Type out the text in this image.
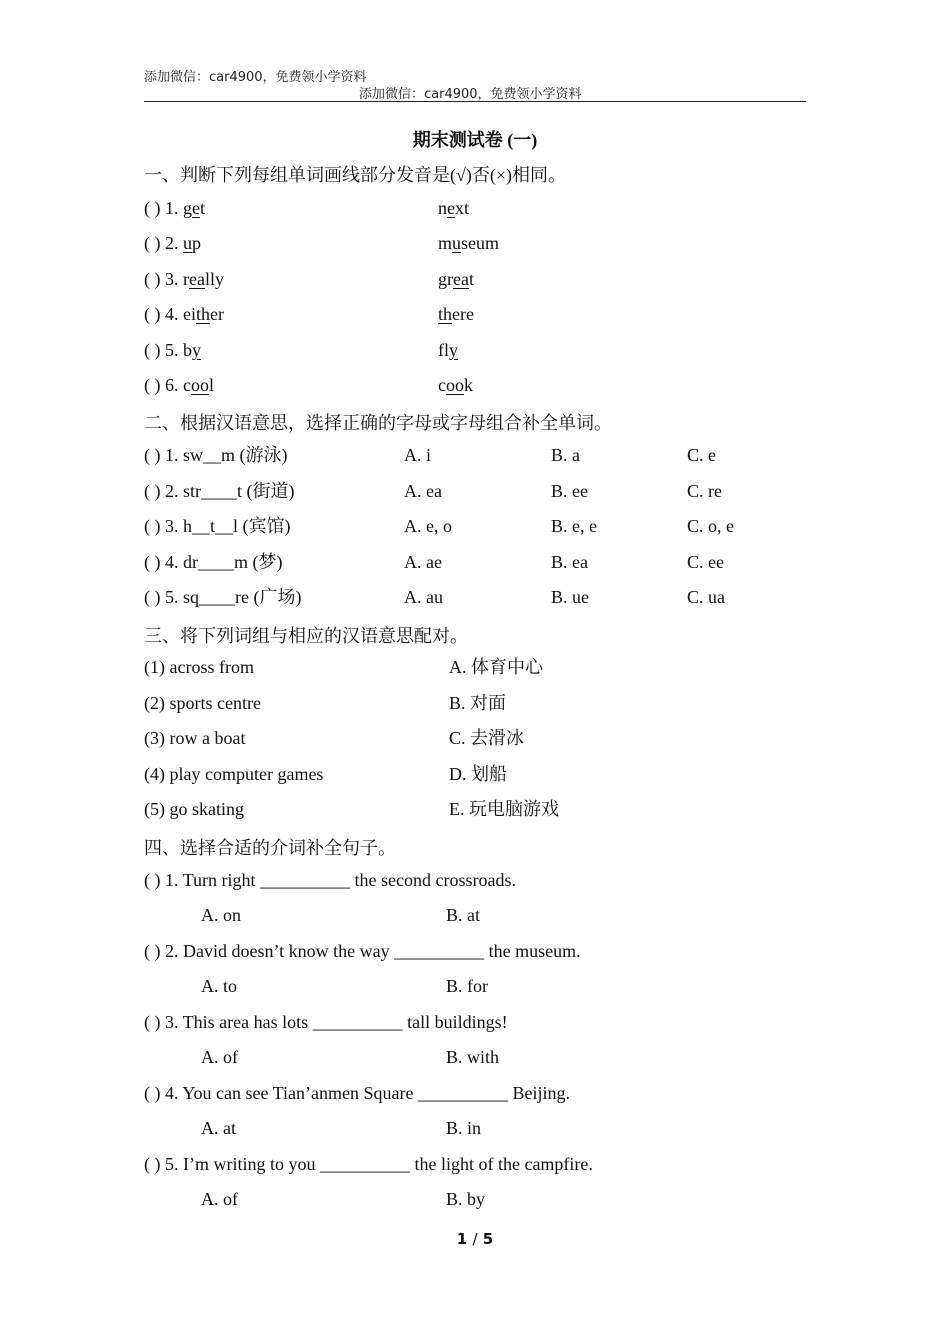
添加微信：car4900，免费领小学资料
添加微信：car4900，免费领小学资料
期末测试卷 (一)
一、判断下列每组单词画线部分发音是(√)否(×)相同。
( ) 1. get	next
( ) 2. up	museum
( ) 3. really	great
( ) 4. either	there
( ) 5. by	fly
( ) 6. cool	cook
二、根据汉语意思，选择正确的字母或字母组合补全单词。
( ) 1. sw__m (游泳)	A. i	B. a	C. e
( ) 2. str____t (街道)	A. ea	B. ee	C. re
( ) 3. h__t__l (宾馆)	A. e, o	B. e, e	C. o, e
( ) 4. dr____m (梦)	A. ae	B. ea	C. ee
( ) 5. sq____re (广场)	A. au	B. ue	C. ua
三、将下列词组与相应的汉语意思配对。
(1) across from	A. 体育中心
(2) sports centre	B. 对面
(3) row a boat	C. 去滑冰
(4) play computer games	D. 划船
(5) go skating	E. 玩电脑游戏
四、选择合适的介词补全句子。
( ) 1. Turn right __________ the second crossroads.
A. on	B. at
( ) 2. David doesn’t know the way __________ the museum.
A. to	B. for
( ) 3. This area has lots __________ tall buildings!
A. of	B. with
( ) 4. You can see Tian’anmen Square __________ Beijing.
A. at	B. in
( ) 5. I’m writing to you __________ the light of the campfire.
A. of	B. by
1 / 5
